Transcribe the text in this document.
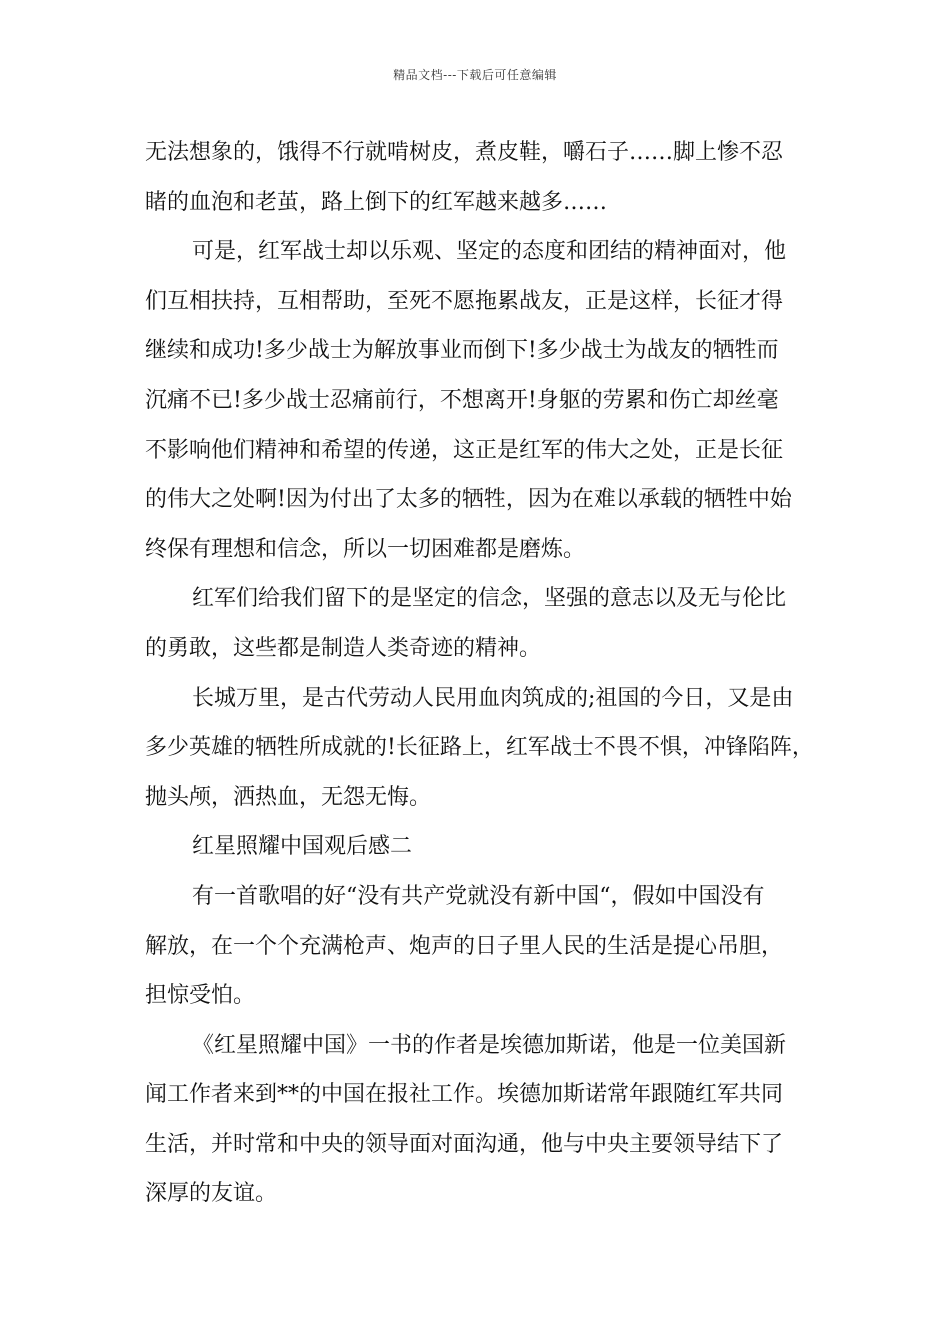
精品文档---下载后可任意编辑
无法想象的，饿得不行就啃树皮，煮皮鞋，嚼石子……脚上惨不忍
睹的血泡和老茧，路上倒下的红军越来越多……
可是，红军战士却以乐观、坚定的态度和团结的精神面对，他
们互相扶持，互相帮助，至死不愿拖累战友，正是这样，长征才得
继续和成功!多少战士为解放事业而倒下!多少战士为战友的牺牲而
沉痛不已!多少战士忍痛前行，不想离开!身躯的劳累和伤亡却丝毫
不影响他们精神和希望的传递，这正是红军的伟大之处，正是长征
的伟大之处啊!因为付出了太多的牺牲，因为在难以承载的牺牲中始
终保有理想和信念，所以一切困难都是磨炼。
红军们给我们留下的是坚定的信念，坚强的意志以及无与伦比
的勇敢，这些都是制造人类奇迹的精神。
长城万里，是古代劳动人民用血肉筑成的;祖国的今日，又是由
多少英雄的牺牲所成就的!长征路上，红军战士不畏不惧，冲锋陷阵，
抛头颅，洒热血，无怨无悔。
红星照耀中国观后感二
有一首歌唱的好“没有共产党就没有新中国“，假如中国没有
解放，在一个个充满枪声、炮声的日子里人民的生活是提心吊胆，
担惊受怕。
《红星照耀中国》一书的作者是埃德加斯诺，他是一位美国新
闻工作者来到**的中国在报社工作。埃德加斯诺常年跟随红军共同
生活，并时常和中央的领导面对面沟通，他与中央主要领导结下了
深厚的友谊。
